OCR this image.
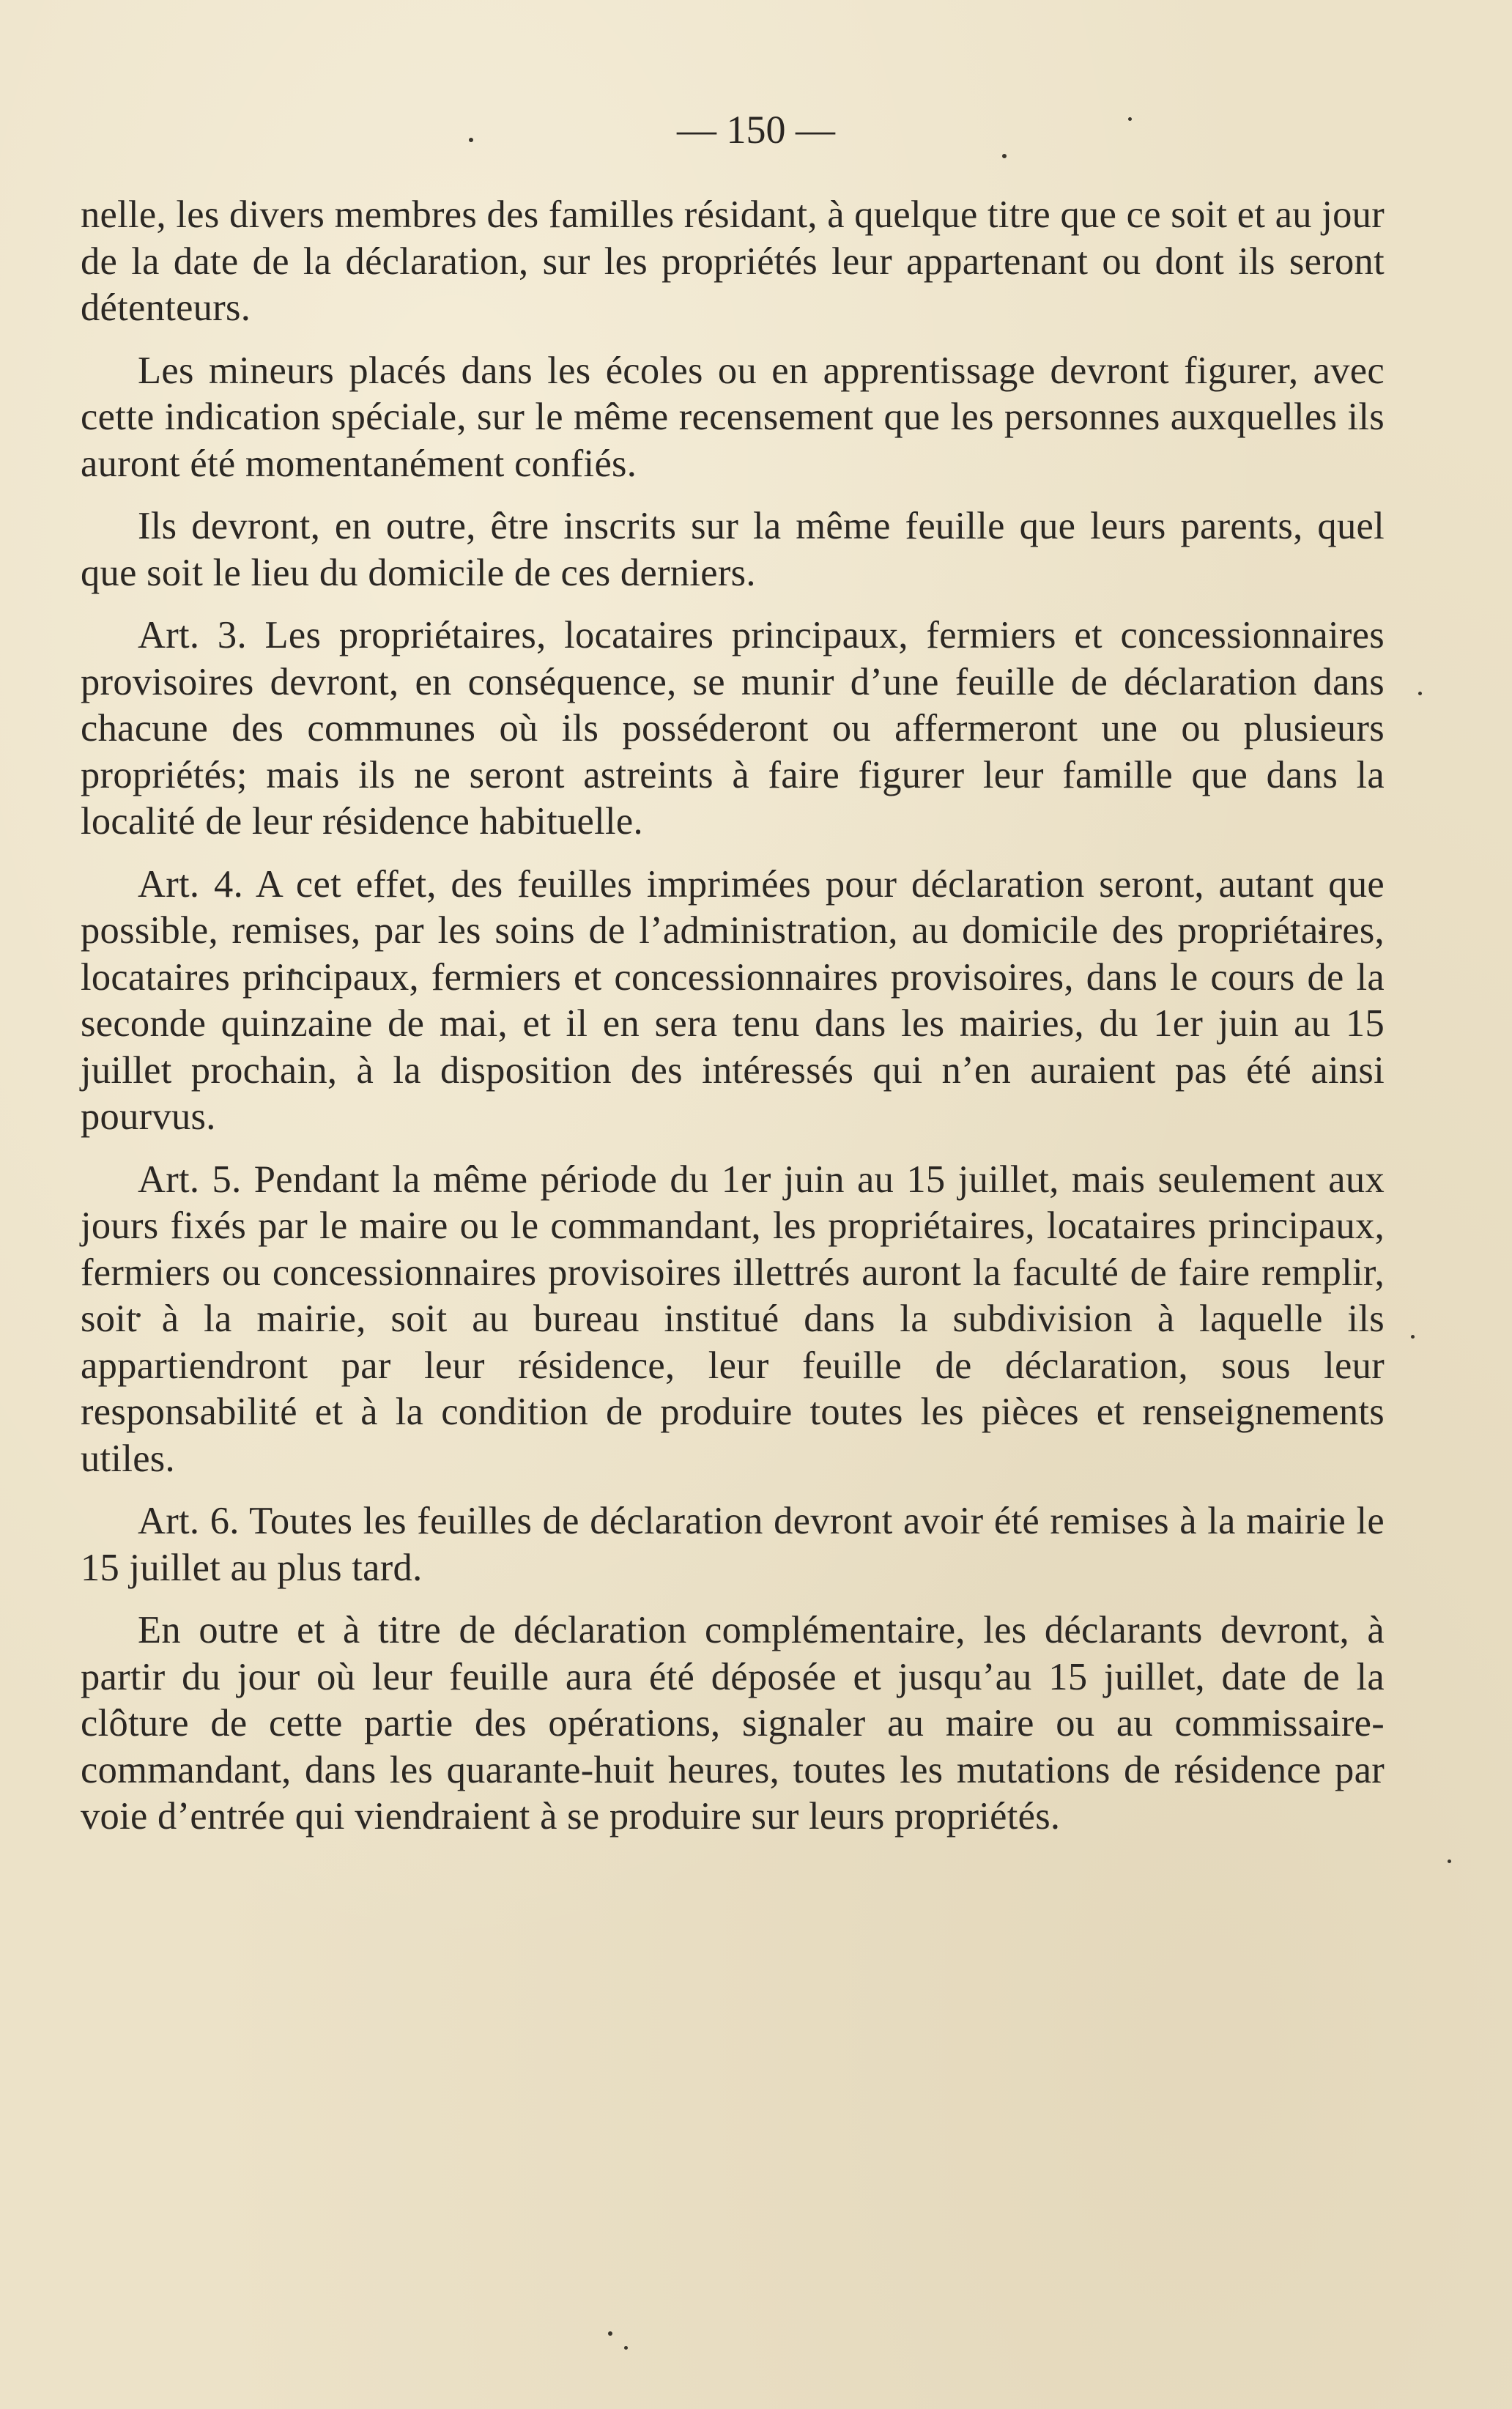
— 150 —

nelle, les divers membres des familles résidant, à quelque titre que ce soit et au jour de la date de la déclaration, sur les propriétés leur appartenant ou dont ils seront détenteurs.

Les mineurs placés dans les écoles ou en apprentissage devront figurer, avec cette indication spéciale, sur le même recensement que les personnes auxquelles ils auront été momentanément confiés.

Ils devront, en outre, être inscrits sur la même feuille que leurs parents, quel que soit le lieu du domicile de ces derniers.

Art. 3. Les propriétaires, locataires principaux, fermiers et concessionnaires provisoires devront, en conséquence, se munir d’une feuille de déclaration dans chacune des communes où ils posséderont ou affermeront une ou plusieurs propriétés; mais ils ne seront astreints à faire figurer leur famille que dans la localité de leur résidence habituelle.

Art. 4. A cet effet, des feuilles imprimées pour déclaration seront, autant que possible, remises, par les soins de l’administration, au domicile des propriétaires, locataires principaux, fermiers et concessionnaires provisoires, dans le cours de la seconde quinzaine de mai, et il en sera tenu dans les mairies, du 1er juin au 15 juillet prochain, à la disposition des intéressés qui n’en auraient pas été ainsi pourvus.

Art. 5. Pendant la même période du 1er juin au 15 juillet, mais seulement aux jours fixés par le maire ou le commandant, les propriétaires, locataires principaux, fermiers ou concessionnaires provisoires illettrés auront la faculté de faire remplir, soit à la mairie, soit au bureau institué dans la subdivision à laquelle ils appartiendront par leur résidence, leur feuille de déclaration, sous leur responsabilité et à la condition de produire toutes les pièces et renseignements utiles.

Art. 6. Toutes les feuilles de déclaration devront avoir été remises à la mairie le 15 juillet au plus tard.

En outre et à titre de déclaration complémentaire, les déclarants devront, à partir du jour où leur feuille aura été déposée et jusqu’au 15 juillet, date de la clôture de cette partie des opérations, signaler au maire ou au commissaire-commandant, dans les quarante-huit heures, toutes les mutations de résidence par voie d’entrée qui viendraient à se produire sur leurs propriétés.
